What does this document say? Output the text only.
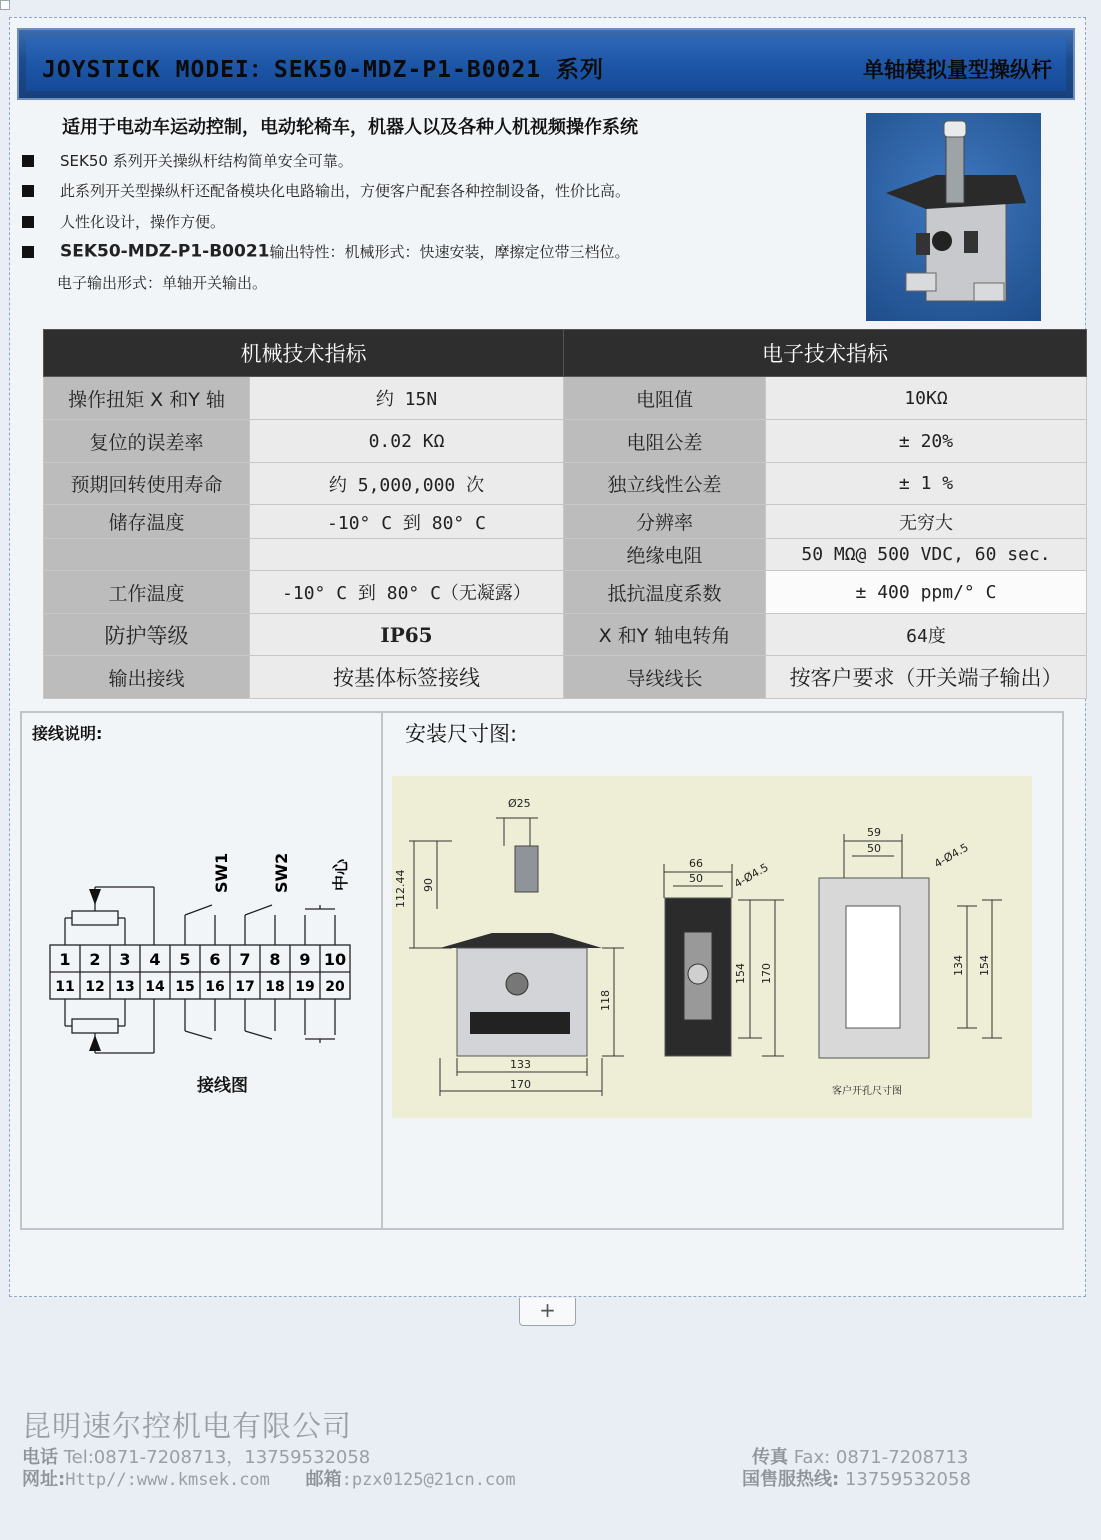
JOYSTICK MODEI：SEK50-MDZ-P1-B0021 系列	单轴模拟量型操纵杆
适用于电动车运动控制，电动轮椅车，机器人以及各种人机视频操作系统
SEK50 系列开关操纵杆结构简单安全可靠。
此系列开关型操纵杆还配备模块化电路输出，方便客户配套各种控制设备，性价比高。
人性化设计，操作方便。
SEK50-MDZ-P1-B0021输出特性：机械形式：快速安装，摩擦定位带三档位。
电子输出形式：单轴开关输出。
机械技术指标		电子技术指标	
操作扭矩 X 和Y 轴	约 15N	电阻值	10KΩ
复位的误差率	0.02 KΩ	电阻公差	± 20%
预期回转使用寿命	约 5,000,000 次	独立线性公差	± 1 %
储存温度	-10° C 到 80° C	分辨率	无穷大
		绝缘电阻	50 MΩ@ 500 VDC, 60 sec.
工作温度	-10° C 到 80° C（无凝露）	抵抗温度系数	± 400 ppm/° C
防护等级	IP65	X 和Y 轴电转角	64度
输出接线	按基体标签接线	导线线长	按客户要求（开关端子输出）
接线说明:	安装尺寸图:
SW1	SW2	中心
1 2 3 4 5 6 7 8 9 10
11 12 13 14 15 16 17 18 19 20
接线图
Ø25
112.44 90
118
133
170
66
50	4-Ø4.5
154 170
59
50	4-Ø4.5
134 154
客户开孔尺寸图
+
昆明速尔控机电有限公司
电话 Tel:0871-7208713，13759532058
网址:Http//:www.kmsek.com 邮箱:pzx0125@21cn.com
传真 Fax: 0871-7208713
国售服热线: 13759532058
